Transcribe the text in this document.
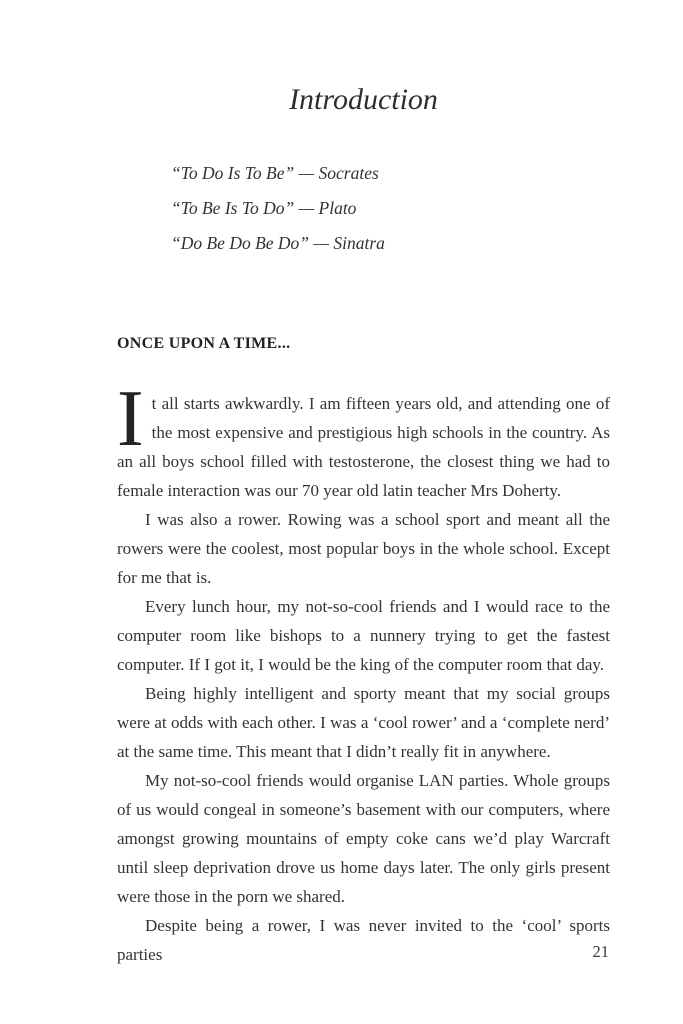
Introduction
“To Do Is To Be” — Socrates
“To Be Is To Do” — Plato
“Do Be Do Be Do” — Sinatra
ONCE UPON A TIME...

It all starts awkwardly. I am fifteen years old, and attending one of the most expensive and prestigious high schools in the country. As an all boys school filled with testosterone, the closest thing we had to female interaction was our 70 year old latin teacher Mrs Doherty.

I was also a rower. Rowing was a school sport and meant all the rowers were the coolest, most popular boys in the whole school. Except for me that is.

Every lunch hour, my not-so-cool friends and I would race to the computer room like bishops to a nunnery trying to get the fastest computer. If I got it, I would be the king of the computer room that day.

Being highly intelligent and sporty meant that my social groups were at odds with each other. I was a ‘cool rower’ and a ‘complete nerd’ at the same time. This meant that I didn’t really fit in anywhere.

My not-so-cool friends would organise LAN parties. Whole groups of us would congeal in someone’s basement with our computers, where amongst growing mountains of empty coke cans we’d play Warcraft until sleep deprivation drove us home days later. The only girls present were those in the porn we shared.

Despite being a rower, I was never invited to the ‘cool’ sports parties	21
